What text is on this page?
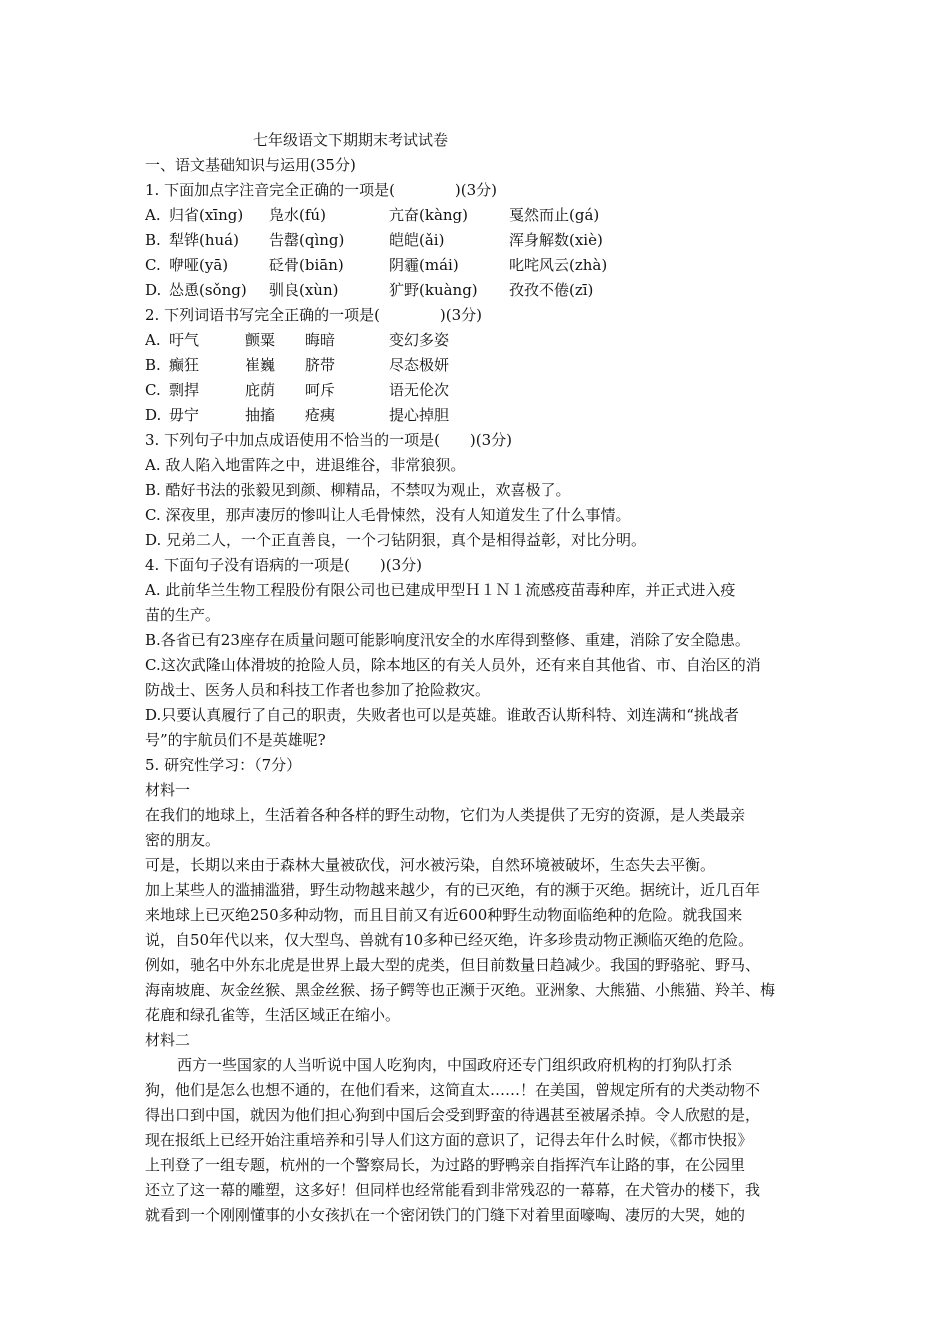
七年级语文下期期末考试试卷
一、语文基础知识与运用(35分)
1. 下面加点字注音完全正确的一项是(　　　　)(3分)
A. 归省(xīng)	凫水(fú)	亢奋(kàng)	戛然而止(gá)
B. 犁铧(huá)	告罄(qìng)	皑皑(ǎi)	浑身解数(xiè)
C. 咿哑(yā)	砭骨(biān)	阴霾(mái)	叱咤风云(zhà)
D. 怂恿(sǒng)	驯良(xùn)	犷野(kuàng)	孜孜不倦(zī)
2. 下列词语书写完全正确的一项是(　　　　)(3分)
A. 吁气	颤粟	晦暗	变幻多姿
B. 癫狂	崔巍	脐带	尽态极妍
C. 剽捍	庇荫	呵斥	语无伦次
D. 毋宁	抽搐	疮痍	提心掉胆
3. 下列句子中加点成语使用不恰当的一项是(　　)(3分)
A. 敌人陷入地雷阵之中，进退维谷，非常狼狈。
B. 酷好书法的张毅见到颜、柳精品，不禁叹为观止，欢喜极了。
C. 深夜里，那声凄厉的惨叫让人毛骨悚然，没有人知道发生了什么事情。
D. 兄弟二人，一个正直善良，一个刁钻阴狠，真个是相得益彰，对比分明。
4. 下面句子没有语病的一项是(　　)(3分)
A. 此前华兰生物工程股份有限公司也已建成甲型Ｈ１Ｎ１流感疫苗毒种库，并正式进入疫
苗的生产。
B.各省已有23座存在质量问题可能影响度汛安全的水库得到整修、重建，消除了安全隐患。
C.这次武隆山体滑坡的抢险人员，除本地区的有关人员外，还有来自其他省、市、自治区的消
防战士、医务人员和科技工作者也参加了抢险救灾。
D.只要认真履行了自己的职责，失败者也可以是英雄。谁敢否认斯科特、刘连满和“挑战者
号”的宇航员们不是英雄呢?
5. 研究性学习：（7分）
材料一
在我们的地球上，生活着各种各样的野生动物，它们为人类提供了无穷的资源，是人类最亲
密的朋友。
可是，长期以来由于森林大量被砍伐，河水被污染，自然环境被破坏，生态失去平衡。
加上某些人的滥捕滥猎，野生动物越来越少，有的已灭绝，有的濒于灭绝。据统计，近几百年
来地球上已灭绝250多种动物，而且目前又有近600种野生动物面临绝种的危险。就我国来
说，自50年代以来，仅大型鸟、兽就有10多种已经灭绝，许多珍贵动物正濒临灭绝的危险。
例如，驰名中外东北虎是世界上最大型的虎类，但目前数量日趋减少。我国的野骆驼、野马、
海南坡鹿、灰金丝猴、黑金丝猴、扬子鳄等也正濒于灭绝。亚洲象、大熊猫、小熊猫、羚羊、梅
花鹿和绿孔雀等，生活区域正在缩小。
材料二
西方一些国家的人当听说中国人吃狗肉，中国政府还专门组织政府机构的打狗队打杀
狗，他们是怎么也想不通的，在他们看来，这简直太……！在美国，曾规定所有的犬类动物不
得出口到中国，就因为他们担心狗到中国后会受到野蛮的待遇甚至被屠杀掉。令人欣慰的是，
现在报纸上已经开始注重培养和引导人们这方面的意识了，记得去年什么时候，《都市快报》
上刊登了一组专题，杭州的一个警察局长，为过路的野鸭亲自指挥汽车让路的事，在公园里
还立了这一幕的雕塑，这多好！但同样也经常能看到非常残忍的一幕幕，在犬管办的楼下，我
就看到一个刚刚懂事的小女孩扒在一个密闭铁门的门缝下对着里面嚎啕、凄厉的大哭，她的
